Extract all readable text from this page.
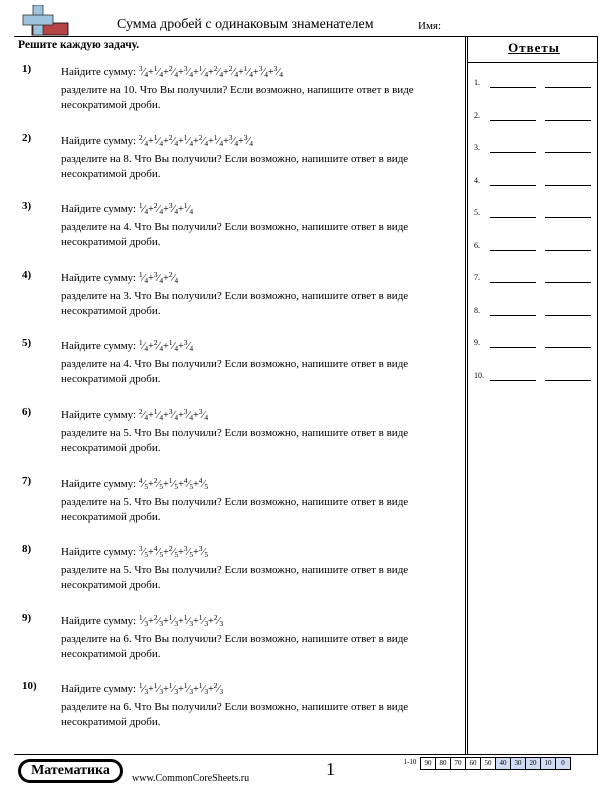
Сумма дробей с одинаковым знаменателем	Имя:
Решите каждую задачу.	Ответы
1.
2.
3.
4.
5.
6.
7.
8.
9.
10.
1)	Найдите сумму: $^3⁄_4+^1⁄_4+^2⁄_4+^3⁄_4+^1⁄_4+^2⁄_4+^2⁄_4+^1⁄_4+^3⁄_4+^3⁄_4$
разделите на 10. Что Вы получили? Если возможно, напишите ответ в виде несократимой дроби.
2)	Найдите сумму: $^2⁄_4+^1⁄_4+^2⁄_4+^1⁄_4+^2⁄_4+^1⁄_4+^3⁄_4+^3⁄_4$
разделите на 8. Что Вы получили? Если возможно, напишите ответ в виде несократимой дроби.
3)	Найдите сумму: $^1⁄_4+^2⁄_4+^3⁄_4+^1⁄_4$
разделите на 4. Что Вы получили? Если возможно, напишите ответ в виде несократимой дроби.
4)	Найдите сумму: $^1⁄_4+^3⁄_4+^2⁄_4$
разделите на 3. Что Вы получили? Если возможно, напишите ответ в виде несократимой дроби.
5)	Найдите сумму: $^1⁄_4+^2⁄_4+^1⁄_4+^3⁄_4$
разделите на 4. Что Вы получили? Если возможно, напишите ответ в виде несократимой дроби.
6)	Найдите сумму: $^2⁄_4+^1⁄_4+^3⁄_4+^3⁄_4+^3⁄_4$
разделите на 5. Что Вы получили? Если возможно, напишите ответ в виде несократимой дроби.
7)	Найдите сумму: $^4⁄_5+^2⁄_5+^1⁄_5+^4⁄_5+^4⁄_5$
разделите на 5. Что Вы получили? Если возможно, напишите ответ в виде несократимой дроби.
8)	Найдите сумму: $^3⁄_5+^4⁄_5+^2⁄_5+^3⁄_5+^3⁄_5$
разделите на 5. Что Вы получили? Если возможно, напишите ответ в виде несократимой дроби.
9)	Найдите сумму: $^1⁄_3+^2⁄_3+^1⁄_3+^1⁄_3+^1⁄_3+^2⁄_3$
разделите на 6. Что Вы получили? Если возможно, напишите ответ в виде несократимой дроби.
10) Найдите сумму: $^1⁄_3+^1⁄_3+^1⁄_3+^1⁄_3+^1⁄_3+^2⁄_3$
разделите на 6. Что Вы получили? Если возможно, напишите ответ в виде несократимой дроби.
Математика
www.CommonCoreSheets.ru	1	1-10	90	80	70	60	50	40	30	20	10	0
